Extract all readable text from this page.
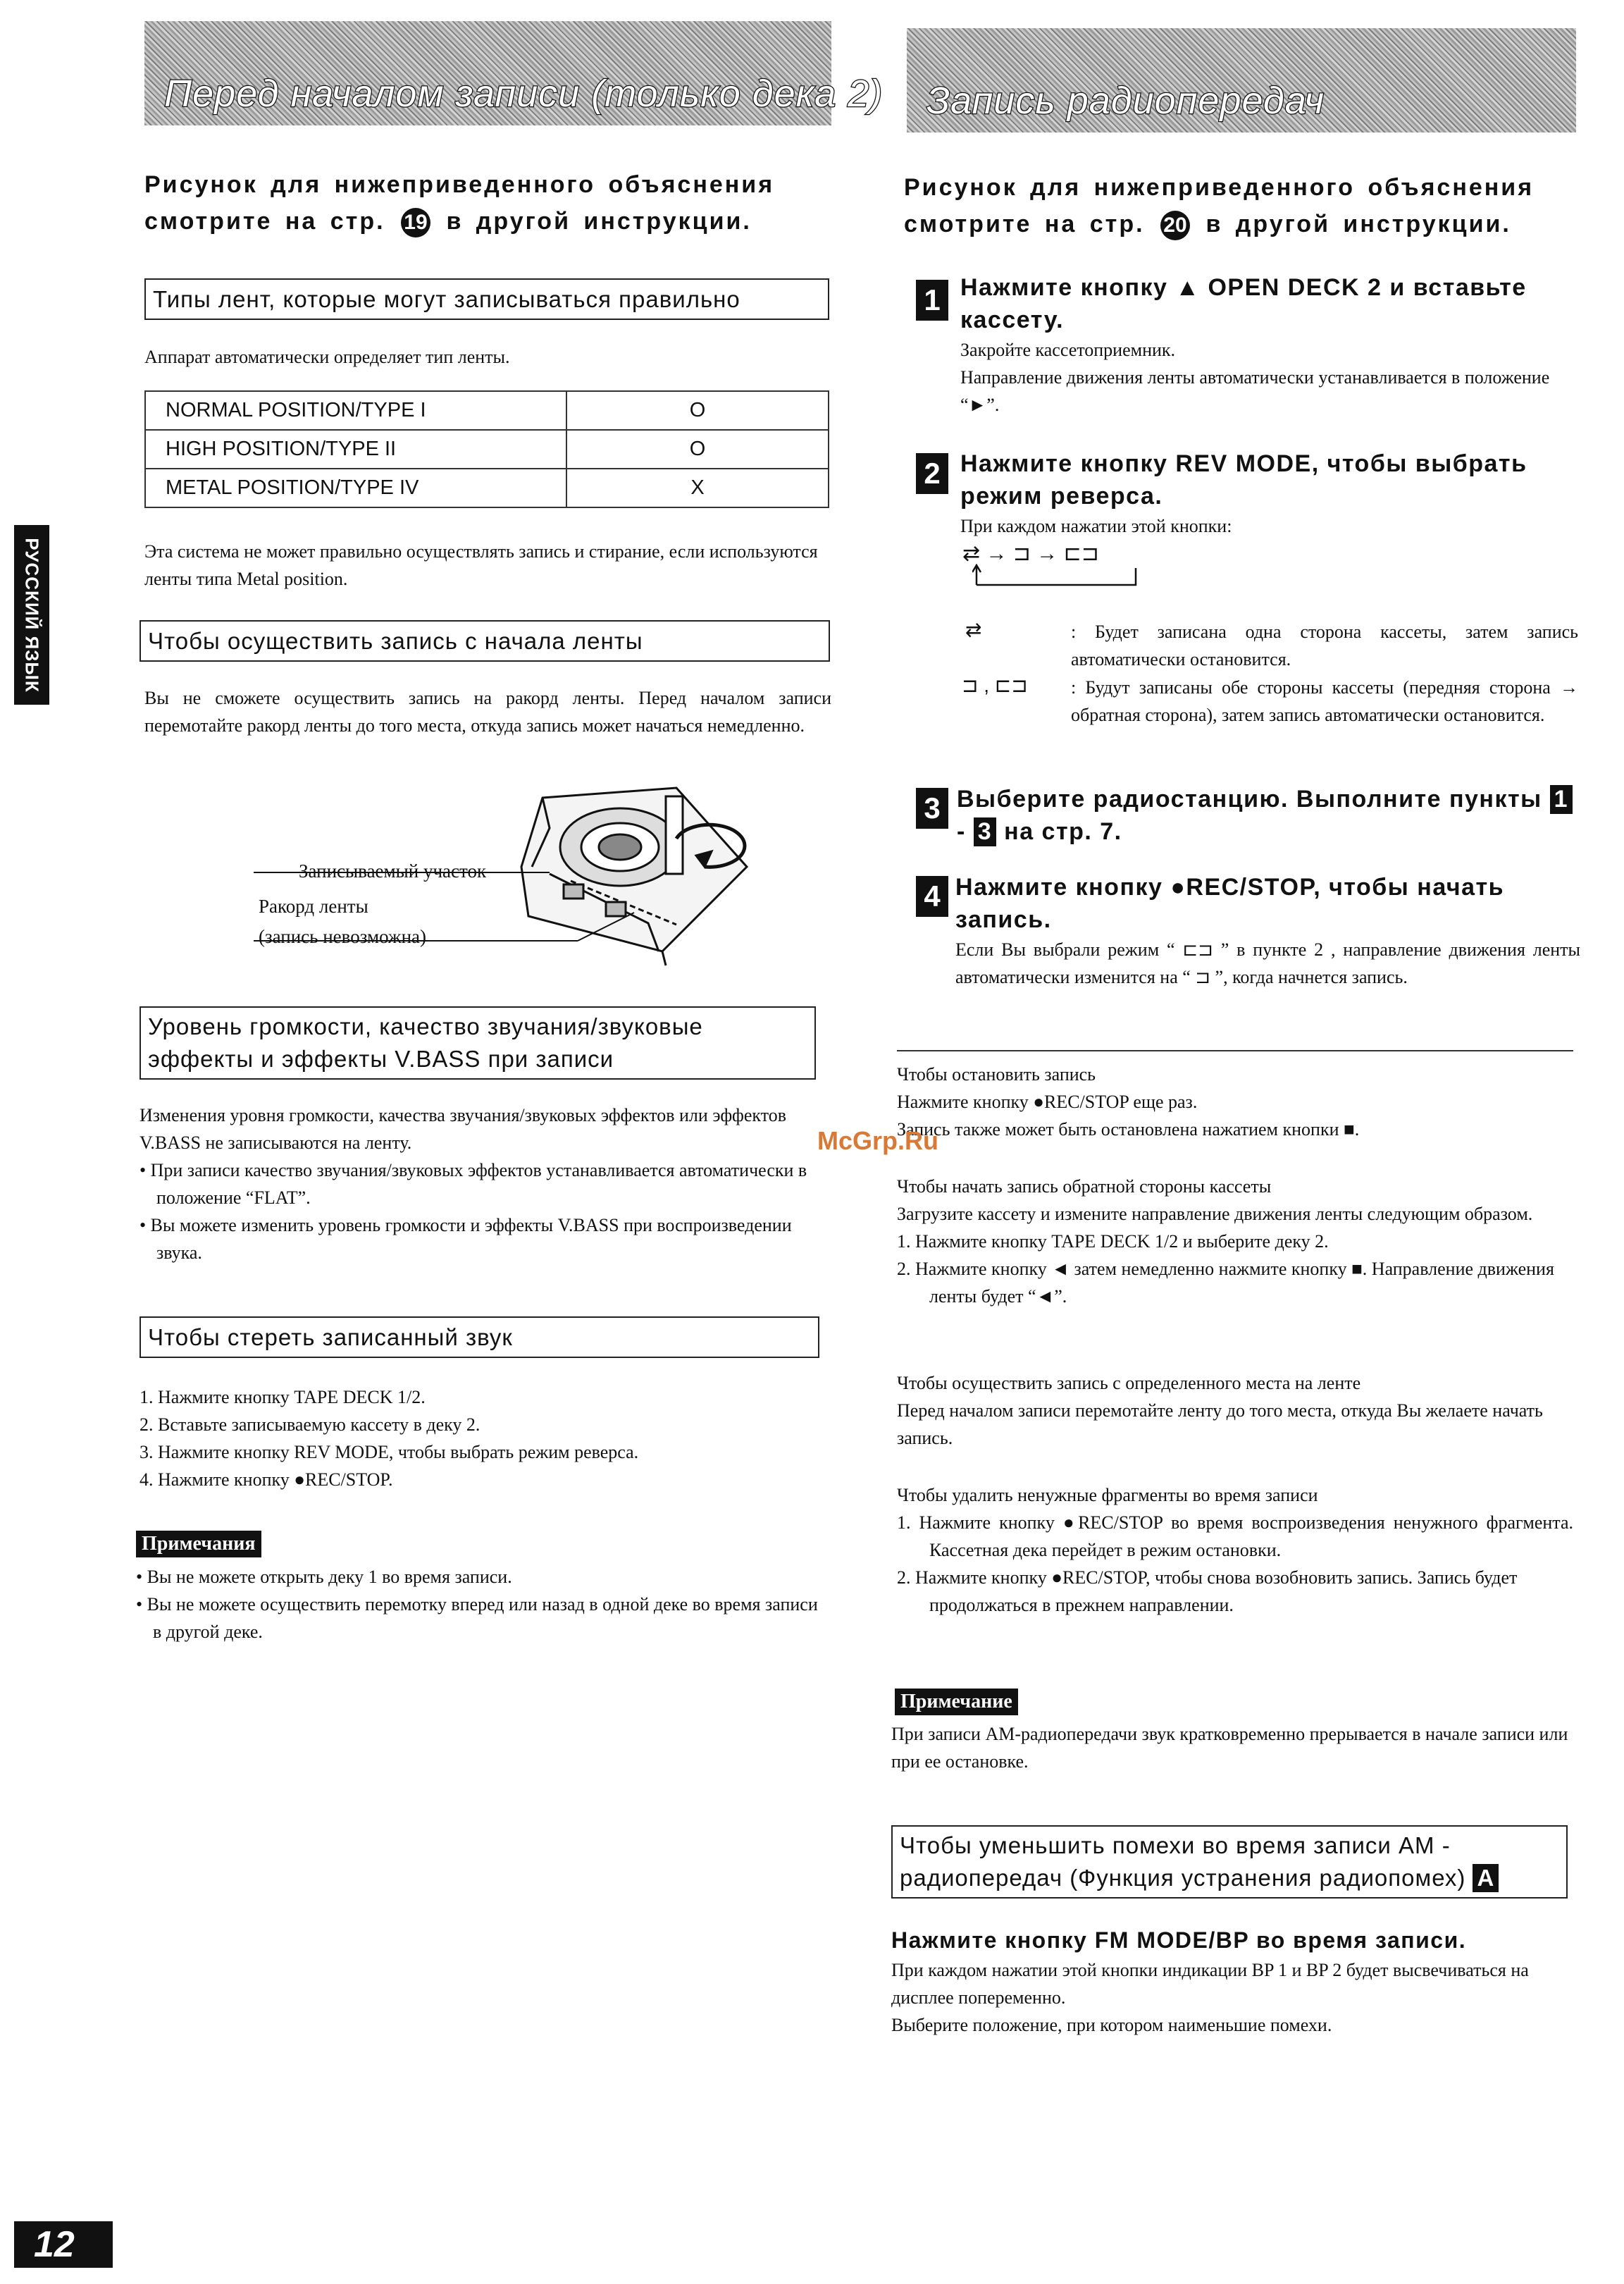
Перед началом записи (только дека 2)
Рисунок для нижеприведенного объяснения смотрите на стр. 19 в другой инструкции.
Типы лент, которые могут записываться правильно
Аппарат автоматически определяет тип ленты.
NORMAL POSITION/TYPE I	O
HIGH POSITION/TYPE II	O
METAL POSITION/TYPE IV	X
Эта система не может правильно осуществлять запись и стирание, если используются ленты типа Metal position.
Чтобы осуществить запись с начала ленты
Вы не сможете осуществить запись на ракорд ленты. Перед началом записи перемотайте ракорд ленты до того места, откуда запись может начаться немедленно.
Записываемый участок
Ракорд ленты
(запись невозможна)
Уровень громкости, качество звучания/звуковые эффекты и эффекты V.BASS при записи

Изменения уровня громкости, качества звучания/звуковых эффектов или эффектов V.BASS не записываются на ленту.

• При записи качество звучания/звуковых эффектов устанавливается автоматически в положение “FLAT”.

• Вы можете изменить уровень громкости и эффекты V.BASS при воспроизведении звука.

Чтобы стереть записанный звук

1. Нажмите кнопку TAPE DECK 1/2.

2. Вставьте записываемую кассету в деку 2.

3. Нажмите кнопку REV MODE, чтобы выбрать режим реверса.

4. Нажмите кнопку ●REC/STOP.

Примечания

• Вы не можете открыть деку 1 во время записи.

• Вы не можете осуществить перемотку вперед или назад в одной деке во время записи в другой деке.

РУССКИЙ ЯЗЫК
12
Запись радиопередач
Рисунок для нижеприведенного объяснения смотрите на стр. 20 в другой инструкции.
1 Нажмите кнопку ▲ OPEN DECK 2 и вставьте кассету.

Закройте кассетоприемник.

Направление движения ленты автоматически устанавливается в положение “►”.

2 Нажмите кнопку REV MODE, чтобы выбрать режим реверса.
При каждом нажатии этой кнопки:
⇄ → ⊐ → ⊏⊐
⇄	: Будет записана одна сторона кассеты, затем запись автоматически остановится.
⊐ , ⊏⊐ : Будут записаны обе стороны кассеты (передняя сторона → обратная сторона), затем запись автоматически остановится.
3 Выберите радиостанцию. Выполните пункты 1- 3 на стр. 7.
4 Нажмите кнопку ●REC/STOP, чтобы начать запись.
Если Вы выбрали режим “ ⊏⊐ ” в пункте 2 , направление движения ленты автоматически изменится на “ ⊐ ”, когда начнется запись.

Чтобы остановить запись

Нажмите кнопку ●REC/STOP еще раз.

Запись также может быть остановлена нажатием кнопки ■.

McGrp.Ru

Чтобы начать запись обратной стороны кассеты

Загрузите кассету и измените направление движения ленты следующим образом.

1. Нажмите кнопку TAPE DECK 1/2 и выберите деку 2.

2. Нажмите кнопку ◄ затем немедленно нажмите кнопку ■. Направление движения ленты будет “◄”.

Чтобы осуществить запись с определенного места на ленте

Перед началом записи перемотайте ленту до того места, откуда Вы желаете начать запись.

Чтобы удалить ненужные фрагменты во время записи

1. Нажмите кнопку ●REC/STOP во время воспроизведения ненужного фрагмента. Кассетная дека перейдет в режим остановки.

2. Нажмите кнопку ●REC/STOP, чтобы снова возобновить запись. Запись будет продолжаться в прежнем направлении.

Примечание
При записи АМ-радиопередачи звук кратковременно прерывается в начале записи или при ее остановке.
Чтобы уменьшить помехи во время записи АМ - радиопередач (Функция устранения радиопомех) A
Нажмите кнопку FM MODE/BP во время записи.

При каждом нажатии этой кнопки индикации BP 1 и BP 2 будет высвечиваться на дисплее попеременно.

Выберите положение, при котором наименьшие помехи.
